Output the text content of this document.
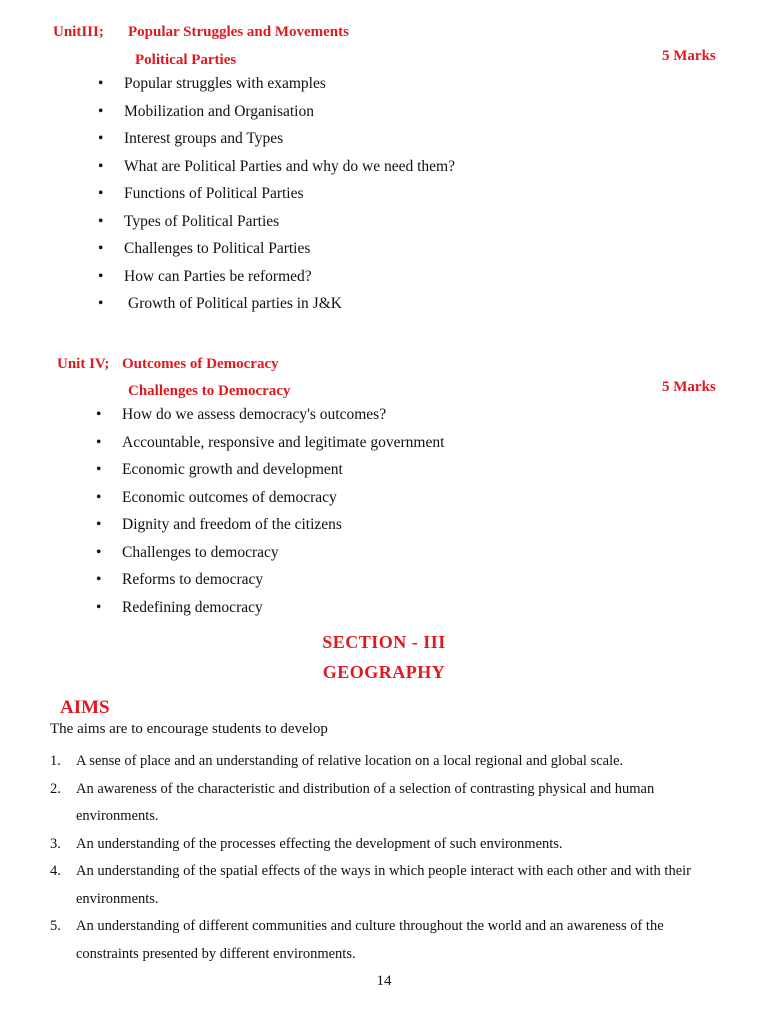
UnitIII; Popular Struggles and Movements
Political Parties	5 Marks
•	Popular struggles with examples
•	Mobilization and Organisation
•	Interest groups and Types
•	What are Political Parties and why do we need them?
•	Functions of Political Parties
•	Types of Political Parties
•	Challenges to Political Parties
•	How can Parties be reformed?
•	Growth of Political parties in J&K
Unit IV; Outcomes of Democracy
Challenges to Democracy	5 Marks
•	How do we assess democracy's outcomes?
•	Accountable, responsive and legitimate government
•	Economic growth and development
•	Economic outcomes of democracy
•	Dignity and freedom of the citizens
•	Challenges to democracy
•	Reforms to democracy
•	Redefining democracy
SECTION - III
GEOGRAPHY
AIMS
The aims are to encourage students to develop
1. A sense of place and an understanding of relative location on a local regional and global scale.
2. An awareness of the characteristic and distribution of a selection of contrasting physical and human environments.
3. An understanding of the processes effecting the development of such environments.
4. An understanding of the spatial effects of the ways in which people interact with each other and with their environments.
5. An understanding of different communities and culture throughout the world and an awareness of the constraints presented by different environments.
14
